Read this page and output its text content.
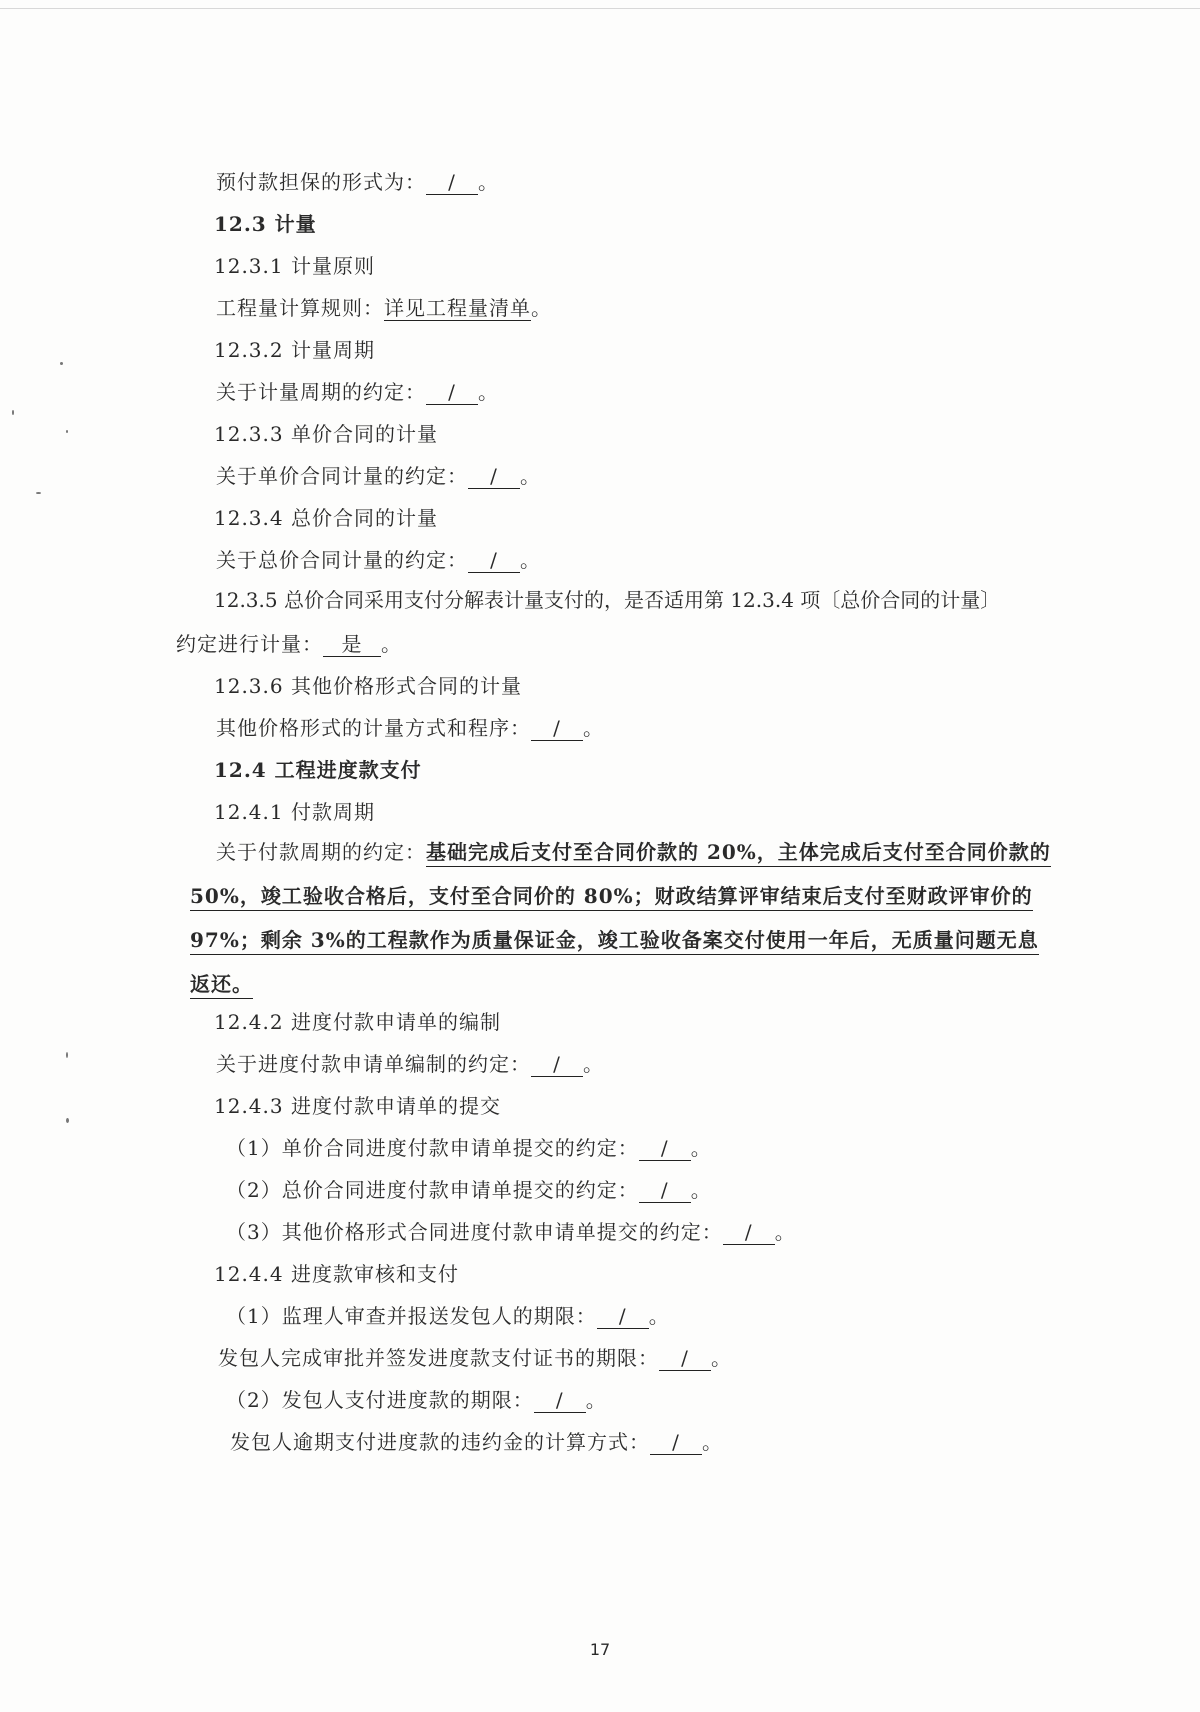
预付款担保的形式为： / 。
12.3 计量
12.3.1 计量原则
工程量计算规则：详见工程量清单。
12.3.2 计量周期
关于计量周期的约定： / 。
12.3.3 单价合同的计量
关于单价合同计量的约定： / 。
12.3.4 总价合同的计量
关于总价合同计量的约定： / 。
12.3.5 总价合同采用支付分解表计量支付的，是否适用第 12.3.4 项〔总价合同的计量〕
约定进行计量： 是 。
12.3.6 其他价格形式合同的计量
其他价格形式的计量方式和程序： / 。
12.4 工程进度款支付
12.4.1 付款周期
关于付款周期的约定：基础完成后支付至合同价款的 20%，主体完成后支付至合同价款的 50%，竣工验收合格后，支付至合同价的 80%；财政结算评审结束后支付至财政评审价的 97%；剩余 3%的工程款作为质量保证金，竣工验收备案交付使用一年后，无质量问题无息返还。
12.4.2 进度付款申请单的编制
关于进度付款申请单编制的约定： / 。
12.4.3 进度付款申请单的提交
（1）单价合同进度付款申请单提交的约定： / 。
（2）总价合同进度付款申请单提交的约定： / 。
（3）其他价格形式合同进度付款申请单提交的约定： / 。
12.4.4 进度款审核和支付
（1）监理人审查并报送发包人的期限： / 。
发包人完成审批并签发进度款支付证书的期限： / 。
（2）发包人支付进度款的期限： / 。
发包人逾期支付进度款的违约金的计算方式： / 。
17
